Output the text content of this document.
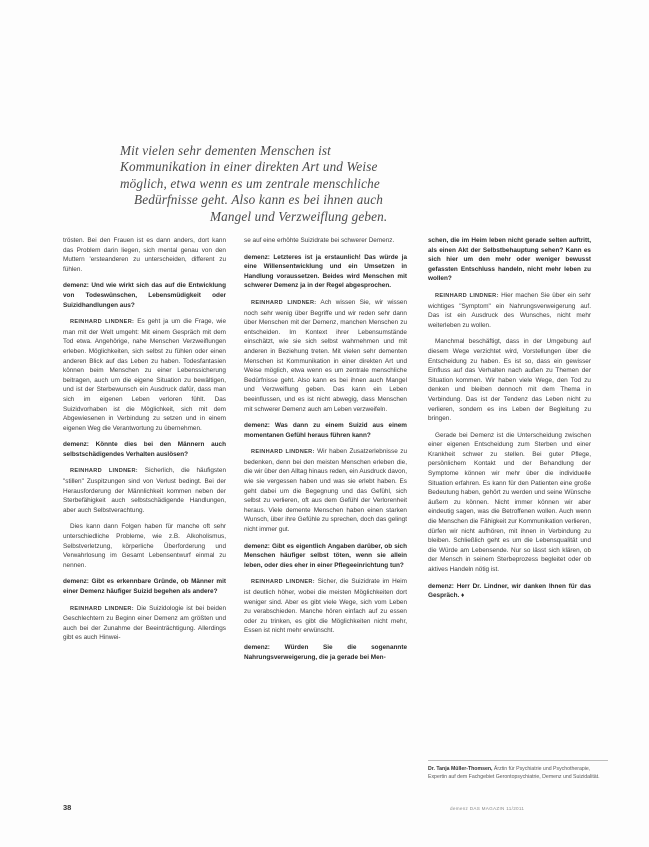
Mit vielen sehr dementen Menschen ist
Kommunikation in einer direkten Art und Weise
möglich, etwa wenn es um zentrale menschliche
Bedürfnisse geht. Also kann es bei ihnen auch
Mangel und Verzweiflung geben.

trösten. Bei den Frauen ist es dann anders, dort kann das Problem darin liegen, sich mental genau von den Muttern 'ersteanderen zu unterscheiden, different zu fühlen.

demenz: Und wie wirkt sich das auf die Entwicklung von Todeswünschen, Lebensmüdigkeit oder Suizidhandlungen aus?

REINHARD LINDNER: Es geht ja um die Frage, wie man mit der Welt umgeht: Mit einem Gespräch mit dem Tod etwa. Angehörige, nahe Menschen Verzweiflungen erleben. Möglichkeiten, sich selbst zu fühlen oder einen anderen Blick auf das Leben zu haben. Todesfantasien können beim Menschen zu einer Lebenssicherung beitragen, auch um die eigene Situation zu bewältigen, und ist der Sterbewunsch ein Ausdruck dafür, dass man sich im eigenen Leben verloren fühlt. Das Suizidvorhaben ist die Möglichkeit, sich mit dem Abgewiesenen in Verbindung zu setzen und in einem eigenen Weg die Verantwortung zu übernehmen.

demenz: Könnte dies bei den Männern auch selbstschädigendes Verhalten auslösen?

REINHARD LINDNER: Sicherlich, die häufigsten "stillen" Zuspitzungen sind von Verlust bedingt. Bei der Herausforderung der Männlichkeit kommen neben der Sterbefähigkeit auch selbstschädigende Handlungen, aber auch Selbstverachtung.

Dies kann dann Folgen haben für manche oft sehr unterschiedliche Probleme, wie z.B. Alkoholismus, Selbstverletzung, körperliche Überforderung und Verwahrlosung im Gesamt Lebensentwurf einmal zu nennen.

demenz: Gibt es erkennbare Gründe, ob Männer mit einer Demenz häufiger Suizid begehen als andere?

REINHARD LINDNER: Die Suizidologie ist bei beiden Geschlechtern zu Beginn einer Demenz am größten und auch bei der Zunahme der Beeinträchtigung. Allerdings gibt es auch Hinwei-

se auf eine erhöhte Suizidrate bei schwerer Demenz.

demenz: Letzteres ist ja erstaunlich! Das würde ja eine Willensentwicklung und ein Umsetzen in Handlung voraussetzen. Beides wird Menschen mit schwerer Demenz ja in der Regel abgesprochen.

REINHARD LINDNER: Ach wissen Sie, wir wissen noch sehr wenig über Begriffe und wir reden sehr dann über Menschen mit der Demenz, manchen Menschen zu entscheiden. Im Kontext ihrer Lebensumstände einschätzt, wie sie sich selbst wahrnehmen und mit anderen in Beziehung treten. Mit vielen sehr dementen Menschen ist Kommunikation in einer direkten Art und Weise möglich, etwa wenn es um zentrale menschliche Bedürfnisse geht. Also kann es bei ihnen auch Mangel und Verzweiflung geben. Das kann ein Leben beeinflussen, und es ist nicht abwegig, dass Menschen mit schwerer Demenz auch am Leben verzweifeln.

demenz: Was dann zu einem Suizid aus einem momentanen Gefühl heraus führen kann?

REINHARD LINDNER: Wir haben Zusatzerlebnisse zu bedenken, denn bei den meisten Menschen erleben die, die wir über den Alltag hinaus reden, ein Ausdruck davon, wie sie vergessen haben und was sie erlebt haben. Es geht dabei um die Begegnung und das Gefühl, sich selbst zu verlieren, oft aus dem Gefühl der Verlorenheit heraus. Viele demente Menschen haben einen starken Wunsch, über ihre Gefühle zu sprechen, doch das gelingt nicht immer gut.

demenz: Gibt es eigentlich Angaben darüber, ob sich Menschen häufiger selbst töten, wenn sie allein leben, oder dies eher in einer Pflegeeinrichtung tun?

REINHARD LINDNER: Sicher, die Suizidrate im Heim ist deutlich höher, wobei die meisten Möglichkeiten dort weniger sind. Aber es gibt viele Wege, sich vom Leben zu verabschieden. Manche hören einfach auf zu essen oder zu trinken, es gibt die Möglichkeiten nicht mehr, Essen ist nicht mehr erwünscht.

demenz: Würden Sie die sogenannte Nahrungsverweigerung, die ja gerade bei Men-

schen, die im Heim leben nicht gerade selten auftritt, als einen Akt der Selbstbehauptung sehen? Kann es sich hier um den mehr oder weniger bewusst gefassten Entschluss handeln, nicht mehr leben zu wollen?

REINHARD LINDNER: Hier machen Sie über ein sehr wichtiges "Symptom" ein Nahrungsverweigerung auf. Das ist ein Ausdruck des Wunsches, nicht mehr weiterleben zu wollen.

Manchmal beschäftigt, dass in der Umgebung auf diesem Wege verzichtet wird, Vorstellungen über die Entscheidung zu haben. Es ist so, dass ein gewisser Einfluss auf das Verhalten nach außen zu Themen der Situation kommen. Wir haben viele Wege, den Tod zu denken und bleiben dennoch mit dem Thema in Verbindung. Das ist der Tendenz das Leben nicht zu verlieren, sondern es ins Leben der Begleitung zu bringen.

Gerade bei Demenz ist die Unterscheidung zwischen einer eigenen Entscheidung zum Sterben und einer Krankheit schwer zu stellen. Bei guter Pflege, persönlichem Kontakt und der Behandlung der Symptome können wir mehr über die individuelle Situation erfahren. Es kann für den Patienten eine große Bedeutung haben, gehört zu werden und seine Wünsche äußern zu können. Nicht immer können wir aber eindeutig sagen, was die Betroffenen wollen. Auch wenn die Menschen die Fähigkeit zur Kommunikation verlieren, dürfen wir nicht aufhören, mit ihnen in Verbindung zu bleiben. Schließlich geht es um die Lebensqualität und die Würde am Lebensende. Nur so lässt sich klären, ob der Mensch in seinem Sterbeprozess begleitet oder ob aktives Handeln nötig ist.

demenz: Herr Dr. Lindner, wir danken Ihnen für das Gespräch. ♦

Dr. Tanja Müller-Thomsen, Ärztin für Psychiatrie und Psychotherapie, Expertin auf dem Fachgebiet Gerontopsychiatrie, Demenz und Suizidalität.
38	demenz DAS MAGAZIN 11/2011
